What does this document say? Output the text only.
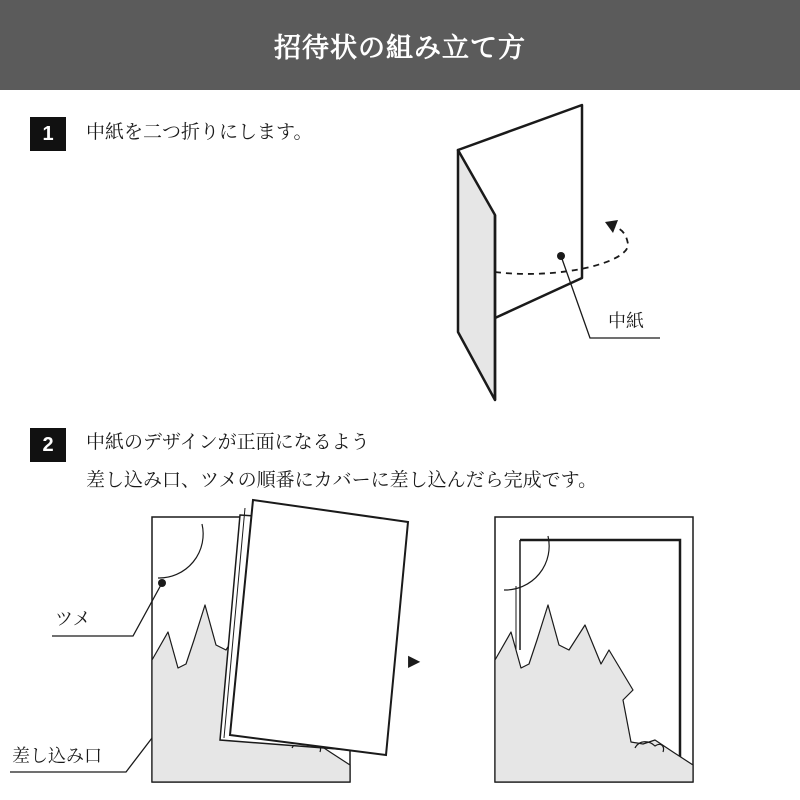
招待状の組み立て方
1 中紙を二つ折りにします。
2 中紙のデザインが正面になるよう
差し込み口、ツメの順番にカバーに差し込んだら完成です。
中紙
ツメ
差し込み口
▶
